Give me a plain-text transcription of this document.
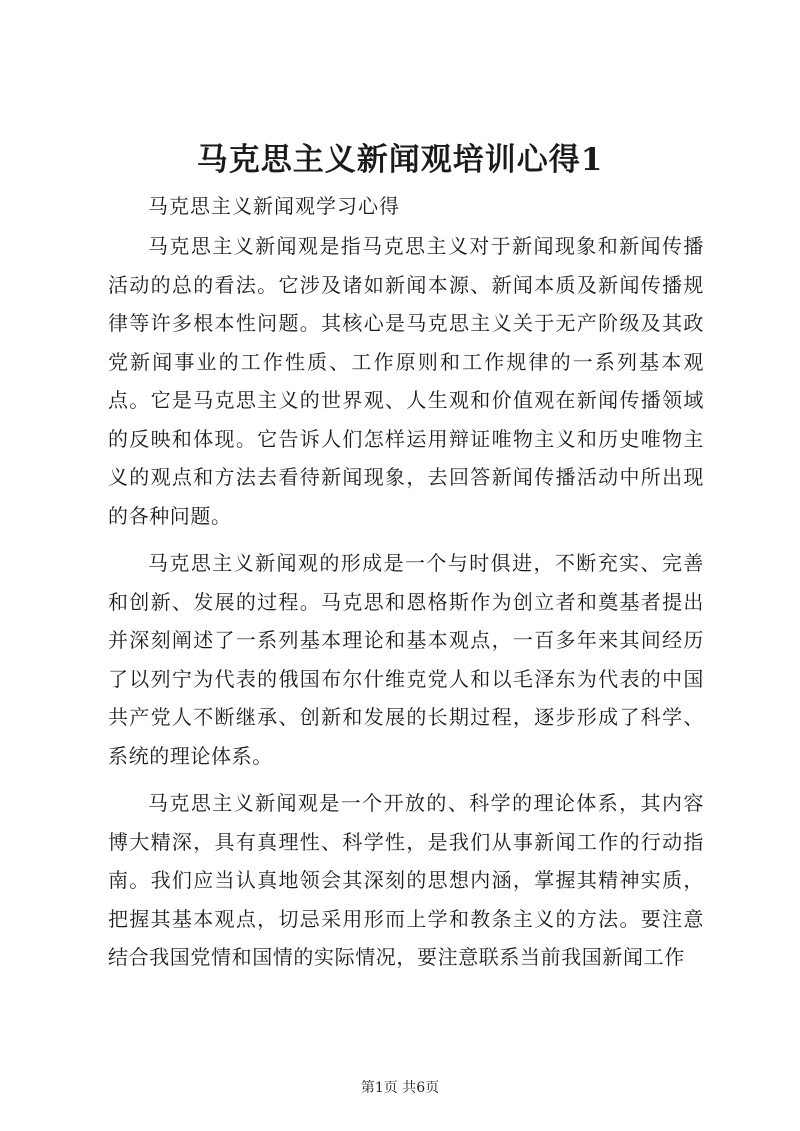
马克思主义新闻观培训心得1

马克思主义新闻观学习心得

马克思主义新闻观是指马克思主义对于新闻现象和新闻传播活动的总的看法。它涉及诸如新闻本源、新闻本质及新闻传播规律等许多根本性问题。其核心是马克思主义关于无产阶级及其政党新闻事业的工作性质、工作原则和工作规律的一系列基本观点。它是马克思主义的世界观、人生观和价值观在新闻传播领域的反映和体现。它告诉人们怎样运用辩证唯物主义和历史唯物主义的观点和方法去看待新闻现象，去回答新闻传播活动中所出现的各种问题。

马克思主义新闻观的形成是一个与时俱进，不断充实、完善和创新、发展的过程。马克思和恩格斯作为创立者和奠基者提出并深刻阐述了一系列基本理论和基本观点，一百多年来其间经历了以列宁为代表的俄国布尔什维克党人和以毛泽东为代表的中国共产党人不断继承、创新和发展的长期过程，逐步形成了科学、系统的理论体系。

马克思主义新闻观是一个开放的、科学的理论体系，其内容博大精深，具有真理性、科学性，是我们从事新闻工作的行动指南。我们应当认真地领会其深刻的思想内涵，掌握其精神实质，把握其基本观点，切忌采用形而上学和教条主义的方法。要注意结合我国党情和国情的实际情况，要注意联系当前我国新闻工作

第1页 共6页
